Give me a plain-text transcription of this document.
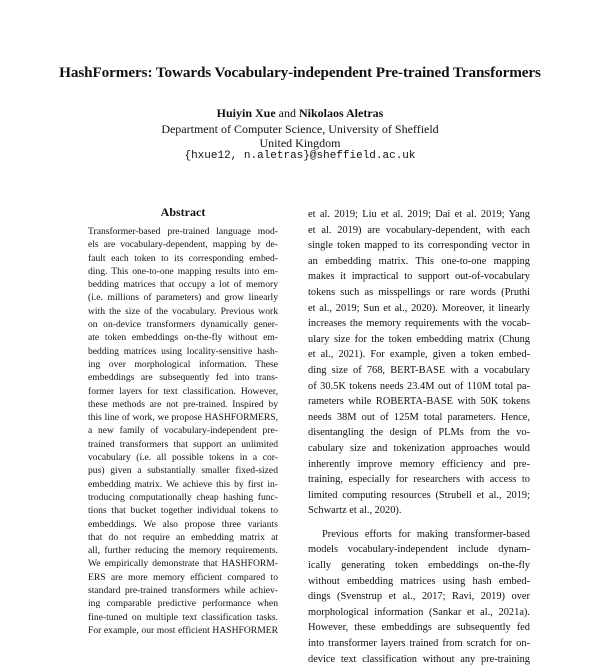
HashFormers: Towards Vocabulary-independent Pre-trained Transformers
Huiyin Xue and Nikolaos Aletras
Department of Computer Science, University of Sheffield
United Kingdom
{hxue12, n.aletras}@sheffield.ac.uk
Abstract
Transformer-based pre-trained language mod-
els are vocabulary-dependent, mapping by de-
fault each token to its corresponding embed-
ding. This one-to-one mapping results into em-
bedding matrices that occupy a lot of memory
(i.e. millions of parameters) and grow linearly
with the size of the vocabulary. Previous work
on on-device transformers dynamically gener-
ate token embeddings on-the-fly without em-
bedding matrices using locality-sensitive hash-
ing over morphological information. These
embeddings are subsequently fed into trans-
former layers for text classification. However,
these methods are not pre-trained. Inspired by
this line of work, we propose HASHFORMERS,
a new family of vocabulary-independent pre-
trained transformers that support an unlimited
vocabulary (i.e. all possible tokens in a cor-
pus) given a substantially smaller fixed-sized
embedding matrix. We achieve this by first in-
troducing computationally cheap hashing func-
tions that bucket together individual tokens to
embeddings. We also propose three variants
that do not require an embedding matrix at
all, further reducing the memory requirements.
We empirically demonstrate that HASHFORM-
ERS are more memory efficient compared to
standard pre-trained transformers while achiev-
ing comparable predictive performance when
fine-tuned on multiple text classification tasks.
For example, our most efficient HASHFORMER
et al. 2019; Liu et al. 2019; Dai et al. 2019; Yang
et al. 2019) are vocabulary-dependent, with each
single token mapped to its corresponding vector in
an embedding matrix. This one-to-one mapping
makes it impractical to support out-of-vocabulary
tokens such as misspellings or rare words (Pruthi
et al., 2019; Sun et al., 2020). Moreover, it linearly
increases the memory requirements with the vocab-
ulary size for the token embedding matrix (Chung
et al., 2021). For example, given a token embed-
ding size of 768, BERT-BASE with a vocabulary
of 30.5K tokens needs 23.4M out of 110M total pa-
rameters while ROBERTA-BASE with 50K tokens
needs 38M out of 125M total parameters. Hence,
disentangling the design of PLMs from the vo-
cabulary size and tokenization approaches would
inherently improve memory efficiency and pre-
training, especially for researchers with access to
limited computing resources (Strubell et al., 2019;
Schwartz et al., 2020).
Previous efforts for making transformer-based
models vocabulary-independent include dynam-
ically generating token embeddings on-the-fly
without embedding matrices using hash embed-
dings (Svenstrup et al., 2017; Ravi, 2019) over
morphological information (Sankar et al., 2021a).
However, these embeddings are subsequently fed
into transformer layers trained from scratch for on-
device text classification without any pre-training
